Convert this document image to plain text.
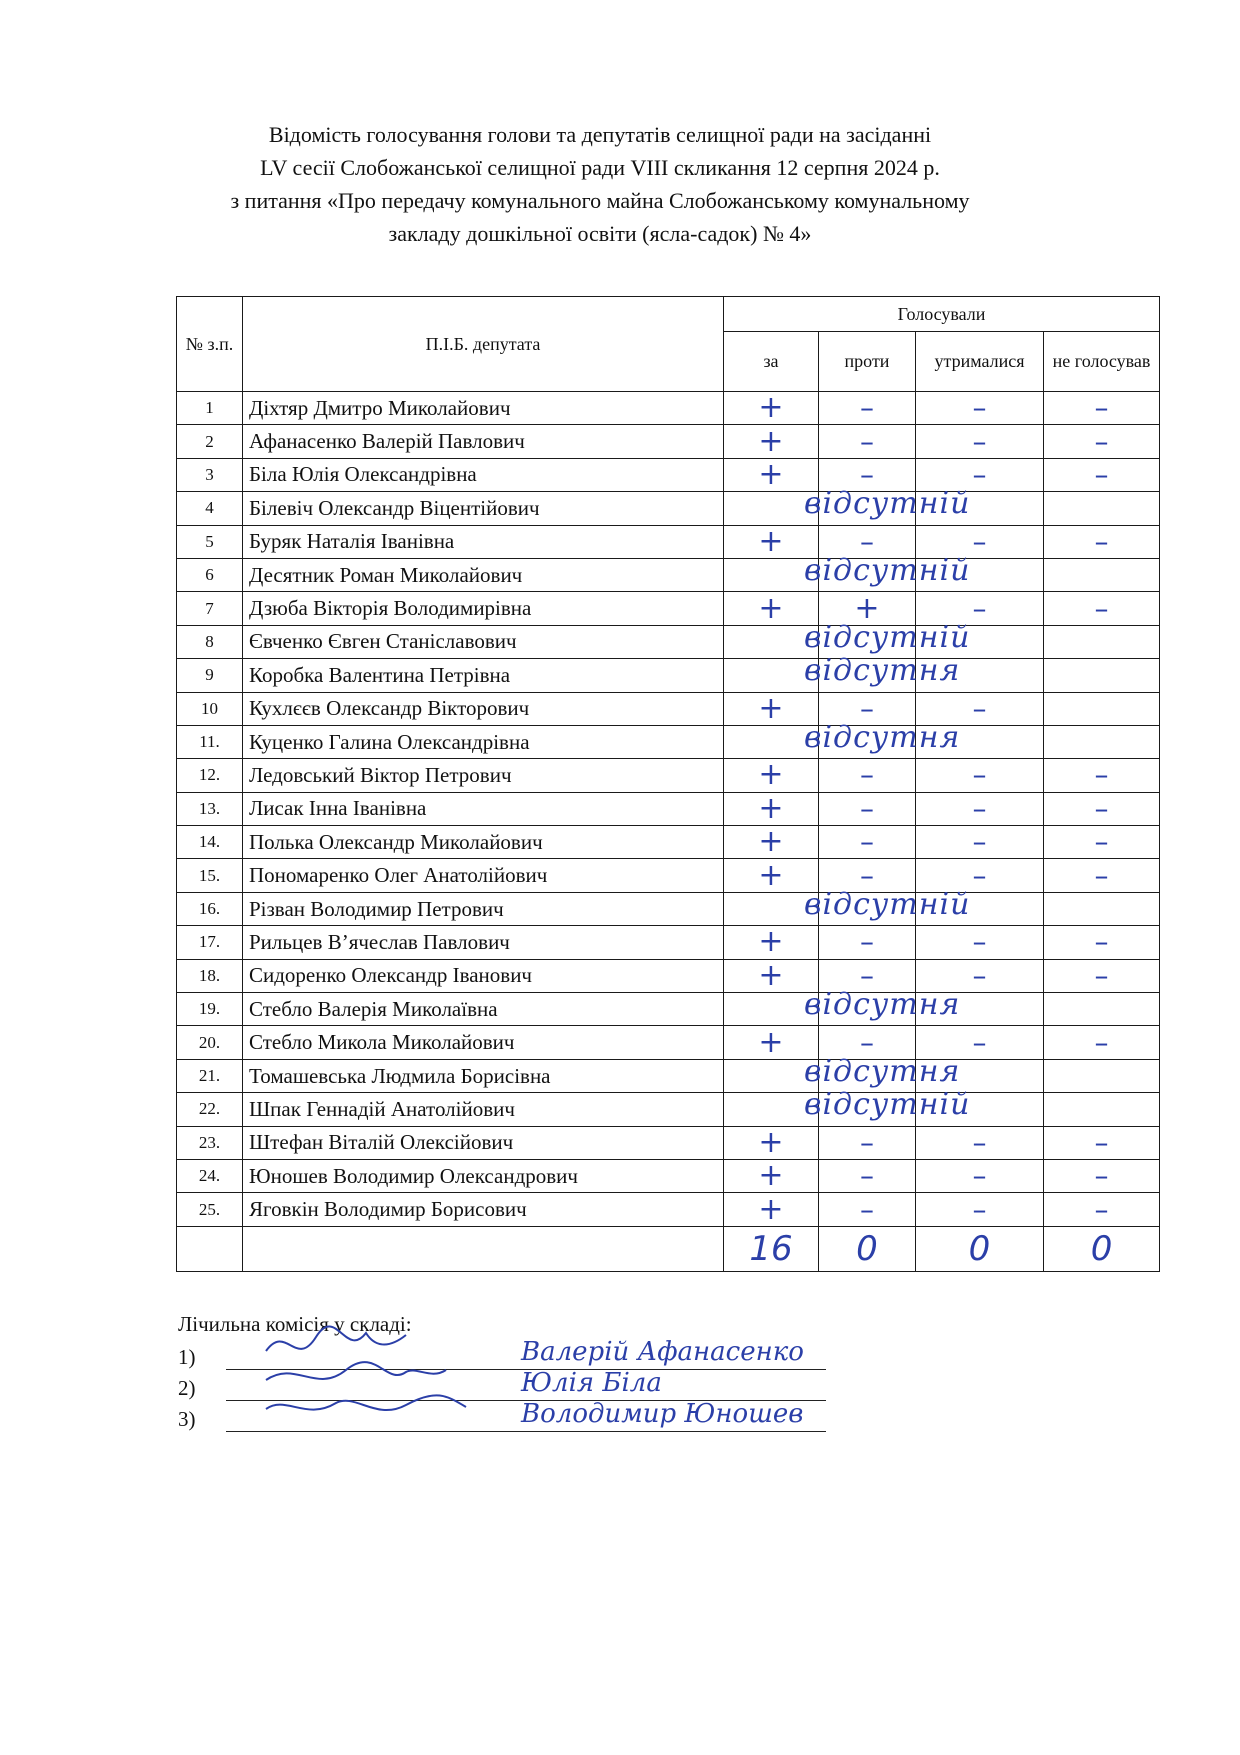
Відомість голосування голови та депутатів селищної ради на засіданні
LV сесії Слобожанської селищної ради VIII скликання 12 серпня 2024 р.
з питання «Про передачу комунального майна Слобожанському комунальному
закладу дошкільної освіти (ясла-садок) № 4»
№ з.п.	П.І.Б. депутата	Голосували			
		за	проти	утрималися	не голосував
1	Діхтяр Дмитро Миколайович	+	–	–	–
2	Афанасенко Валерій Павлович	+	–	–	–
3	Біла Юлія Олександрівна	+	–	–	–
4	Білевіч Олександр Віцентійович	відсутній			

5	Буряк Наталія Іванівна	+	–	–	–
6	Десятник Роман Миколайович	відсутній			

7	Дзюба Вікторія Володимирівна	+	+	–	–
8	Євченко Євген Станіславович	відсутній			

9	Коробка Валентина Петрівна	відсутня			

10	Кухлєєв Олександр Вікторович	+	–	–	
11.	Куценко Галина Олександрівна	відсутня			

12.	Ледовський Віктор Петрович	+	–	–	–
13.	Лисак Інна Іванівна	+	–	–	–
14.	Полька Олександр Миколайович	+	–	–	–
15.	Пономаренко Олег Анатолійович	+	–	–	–
16.	Різван Володимир Петрович	відсутній			

17.	Рильцев В’ячеслав Павлович	+	–	–	–
18.	Сидоренко Олександр Іванович	+	–	–	–
19.	Стебло Валерія Миколаївна	відсутня			

20.	Стебло Микола Миколайович	+	–	–	–
21.	Томашевська Людмила Борисівна	відсутня			

22.	Шпак Геннадій Анатолійович	відсутній			

23.	Штефан Віталій Олексійович	+	–	–	–
24.	Юношев Володимир Олександрович	+	–	–	–
25.	Яговкін Володимир Борисович	+	–	–	–
		16	0	0	0
Лічильна комісія у складі:
1)	Валерій Афанасенко
2)	Юлія Біла
3)	Володимир Юношев
